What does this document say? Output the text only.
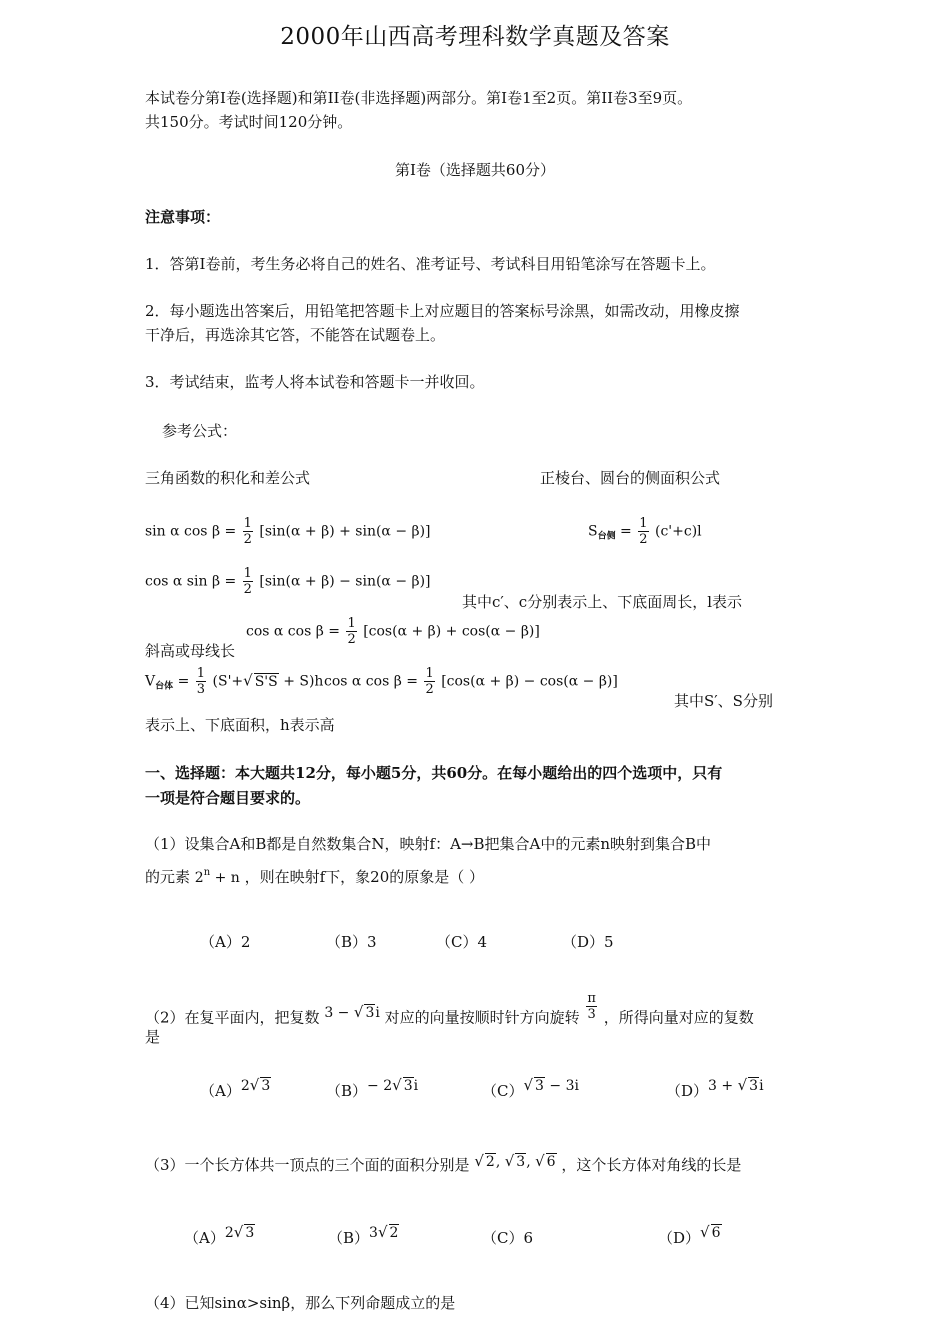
2000年山西高考理科数学真题及答案
本试卷分第Ⅰ卷(选择题)和第ⅠI卷(非选择题)两部分。第Ⅰ卷1至2页。第ⅠI卷3至9页。
共150分。考试时间120分钟。
第Ⅰ卷（选择题共60分）
注意事项：
1．答第Ⅰ卷前，考生务必将自己的姓名、准考证号、考试科目用铅笔涂写在答题卡上。
2．每小题选出答案后，用铅笔把答题卡上对应题目的答案标号涂黑，如需改动，用橡皮擦
干净后，再选涂其它答，不能答在试题卷上。
3．考试结束，监考人将本试卷和答题卡一并收回。
参考公式：
三角函数的积化和差公式	正棱台、圆台的侧面积公式
sin α $\cos \beta = \frac{1}{2} [\sin(\alpha + \beta) + \sin(\alpha - \beta)]$	$S_{台侧} = \frac{1}{2} (c'+c)l$
cos α $\sin \beta = \frac{1}{2} [\sin(\alpha + \beta) - \sin(\alpha - \beta)]$
其中c′、c分别表示上、下底面周长，l表示
cos α $\cos \beta = \frac{1}{2} [\cos(\alpha + \beta) + \cos(\alpha - \beta)]$
斜高或母线长
$V_{台体} = \frac{1}{3} (S'+√$ S'S + S)h cos α $\cos \beta = \frac{1}{2} [\cos(\alpha + \beta) - \cos(\alpha - \beta)]$
其中S′、S分别
表示上、下底面积，h表示高
一、选择题：本大题共12分，每小题5分，共60分。在每小题给出的四个选项中，只有
一项是符合题目要求的。
（1）设集合A和B都是自然数集合N，映射f：A→B把集合A中的元素n映射到集合B中
的元素 $2^n + n$ ，则在映射f下，象20的原象是（ ）
（A）2	（B）3	（C）4	（D）5
（2）在复平面内，把复数 3 − √ 3i 对应的向量按顺时针方向旋转 $\frac{\pi}{3}$ ，所得向量对应的复数
是
（A）2√ 3	（B）− 2√ 3i	（C）√ 3 − 3i	（D）3 + √ 3i
（3）一个长方体共一顶点的三个面的面积分别是 √ 2, √ 3, √ 6 ，这个长方体对角线的长是
（A）2√ 3	（B）3√ 2	（C）6	（D）√ 6
（4）已知sinα>sinβ，那么下列命题成立的是
